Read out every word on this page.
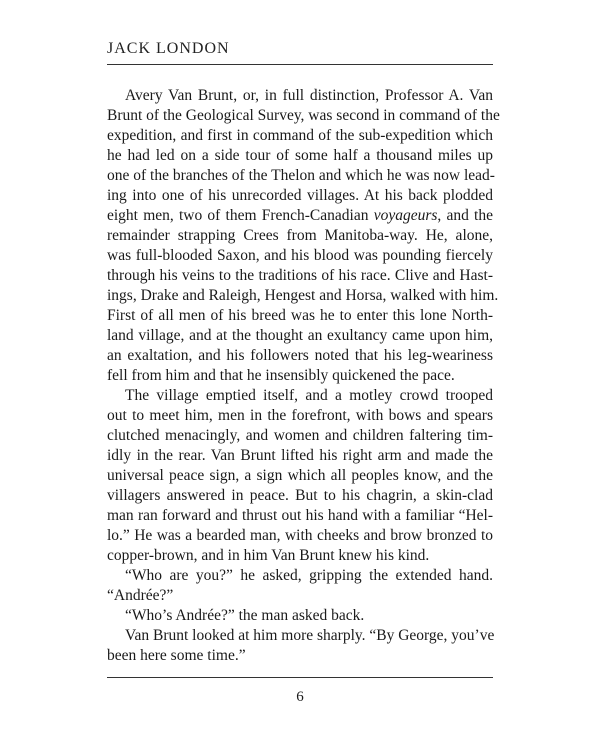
JACK LONDON
Avery Van Brunt, or, in full distinction, Professor A. Van
Brunt of the Geological Survey, was second in command of the
expedition, and first in command of the sub-expedition which
he had led on a side tour of some half a thousand miles up
one of the branches of the Thelon and which he was now lead-
ing into one of his unrecorded villages. At his back plodded
eight men, two of them French-Canadian voyageurs, and the
remainder strapping Crees from Manitoba-way. He, alone,
was full-blooded Saxon, and his blood was pounding fiercely
through his veins to the traditions of his race. Clive and Hast-
ings, Drake and Raleigh, Hengest and Horsa, walked with him.
First of all men of his breed was he to enter this lone North-
land village, and at the thought an exultancy came upon him,
an exaltation, and his followers noted that his leg-weariness
fell from him and that he insensibly quickened the pace.
The village emptied itself, and a motley crowd trooped
out to meet him, men in the forefront, with bows and spears
clutched menacingly, and women and children faltering tim-
idly in the rear. Van Brunt lifted his right arm and made the
universal peace sign, a sign which all peoples know, and the
villagers answered in peace. But to his chagrin, a skin-clad
man ran forward and thrust out his hand with a familiar “Hel-
lo.” He was a bearded man, with cheeks and brow bronzed to
copper-brown, and in him Van Brunt knew his kind.
“Who are you?” he asked, gripping the extended hand.
“Andrée?”
“Who’s Andrée?” the man asked back.
Van Brunt looked at him more sharply. “By George, you’ve
been here some time.”
6
